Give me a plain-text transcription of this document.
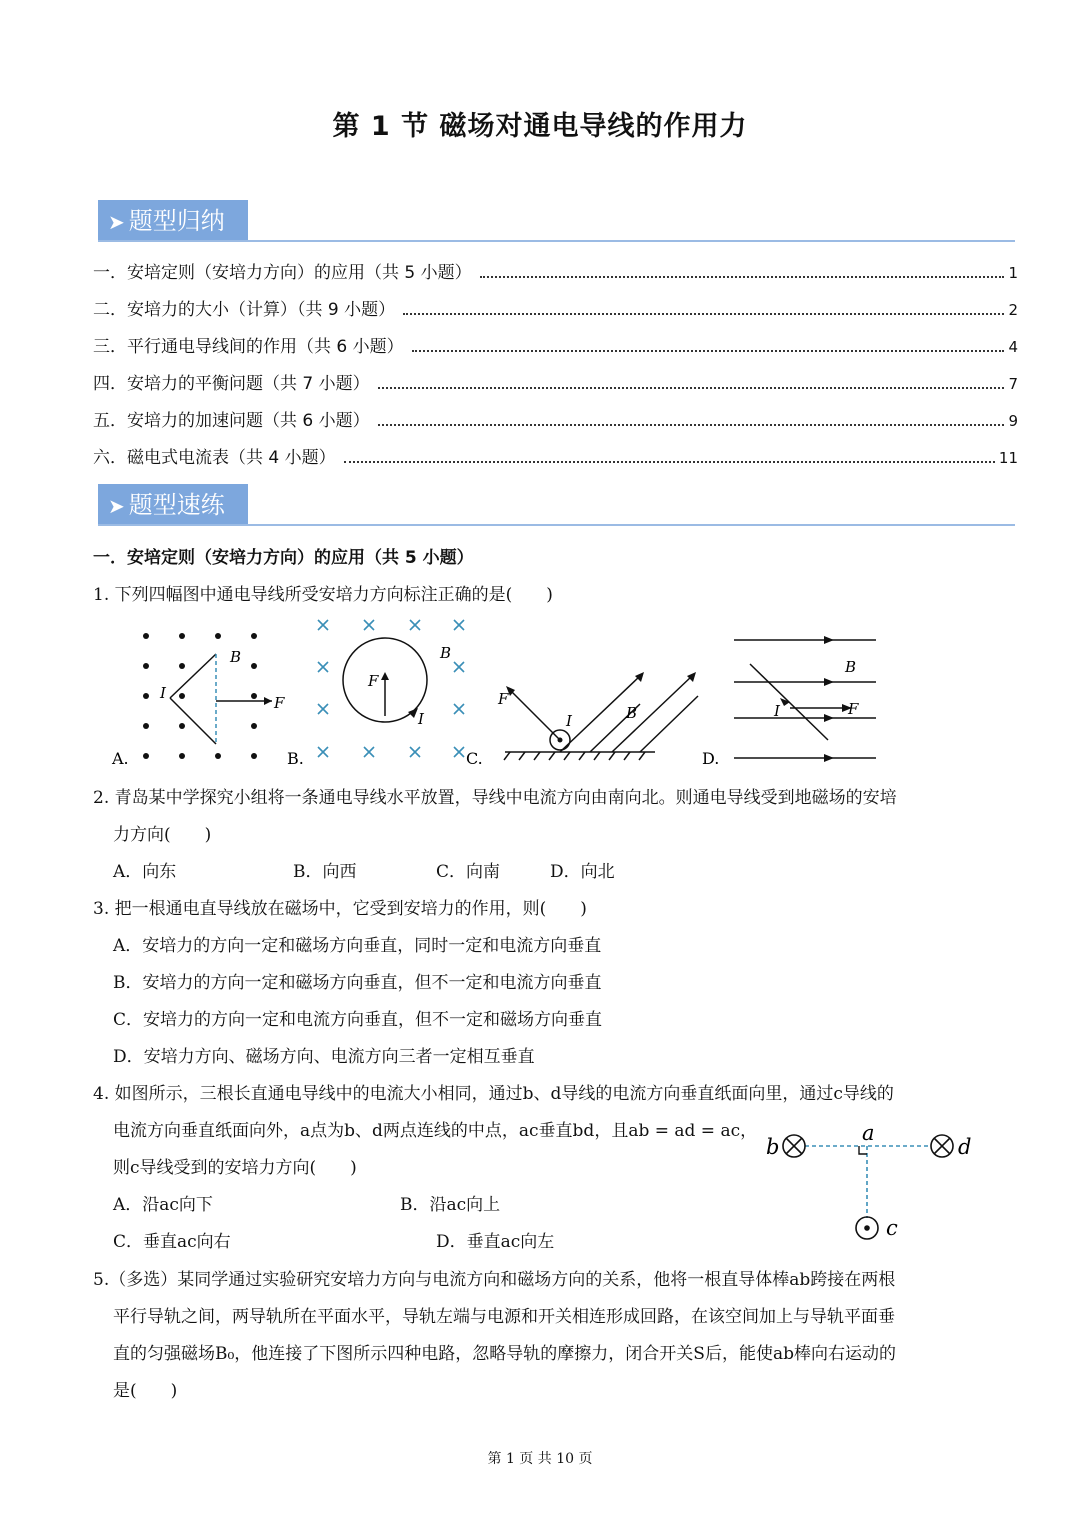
第 1 节 磁场对通电导线的作用力
➤ 题型归纳
一．安培定则（安培力方向）的应用（共 5 小题）	1
二．安培力的大小（计算）（共 9 小题）	2
三．平行通电导线间的作用（共 6 小题）	4
四．安培力的平衡问题（共 7 小题）	7
五．安培力的加速问题（共 6 小题）	9
六．磁电式电流表（共 4 小题）	11
➤ 题型速练
一．安培定则（安培力方向）的应用（共 5 小题）
1. 下列四幅图中通电导线所受安培力方向标注正确的是(　　)
B
I
F
A.
B
F
I
B.
F
I	B
C.
B
I	F
D.
2. 青岛某中学探究小组将一条通电导线水平放置，导线中电流方向由南向北。则通电导线受到地磁场的安培
力方向(　　)
A．向东	B．向西	C．向南	D．向北
3. 把一根通电直导线放在磁场中，它受到安培力的作用，则(　　)
A．安培力的方向一定和磁场方向垂直，同时一定和电流方向垂直
B．安培力的方向一定和磁场方向垂直，但不一定和电流方向垂直
C．安培力的方向一定和电流方向垂直，但不一定和磁场方向垂直
D．安培力方向、磁场方向、电流方向三者一定相互垂直
4. 如图所示，三根长直通电导线中的电流大小相同，通过b、d导线的电流方向垂直纸面向里，通过c导线的
电流方向垂直纸面向外，a点为b、d两点连线的中点，ac垂直bd，且ab = ad = ac，
则c导线受到的安培力方向(　　)
A．沿ac向下	B．沿ac向上
C．垂直ac向右	D．垂直ac向左
b	d
a
c
5.（多选）某同学通过实验研究安培力方向与电流方向和磁场方向的关系，他将一根直导体棒ab跨接在两根
平行导轨之间，两导轨所在平面水平，导轨左端与电源和开关相连形成回路，在该空间加上与导轨平面垂
直的匀强磁场B₀，他连接了下图所示四种电路，忽略导轨的摩擦力，闭合开关S后，能使ab棒向右运动的
是(　　)
第 1 页 共 10 页
